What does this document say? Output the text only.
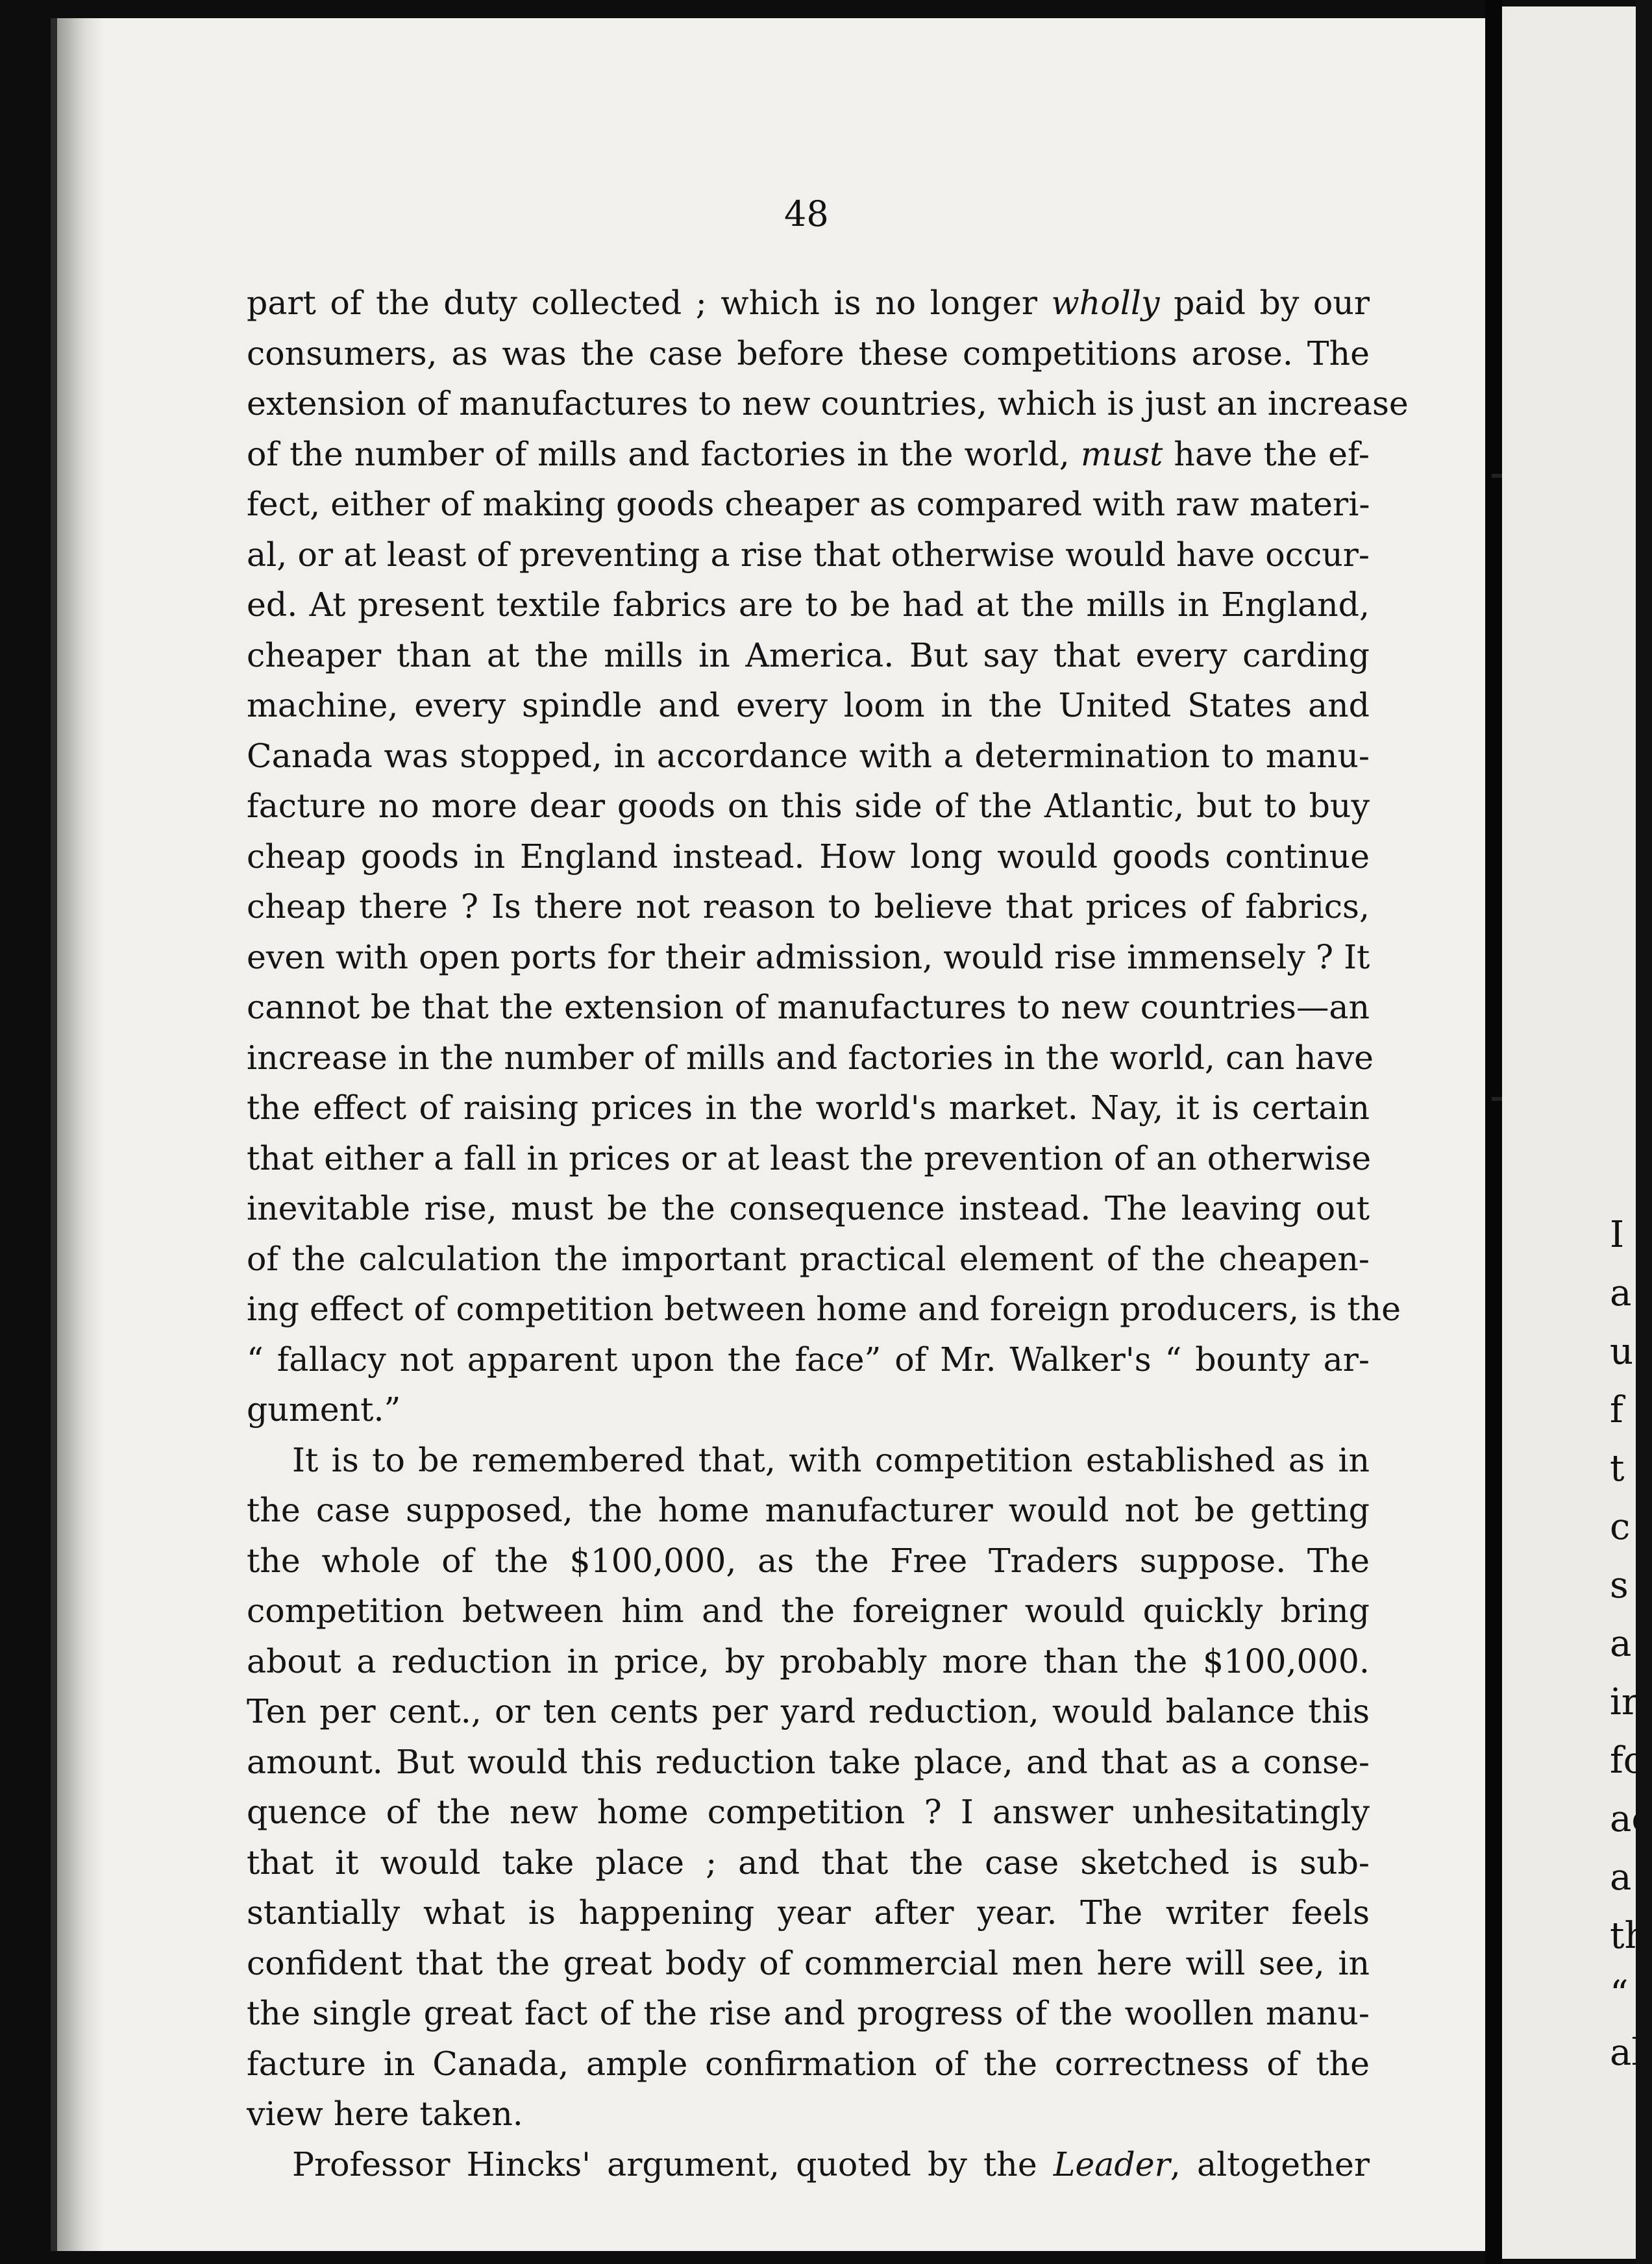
48

part of the duty collected ; which is no longer wholly paid by our
consumers, as was the case before these competitions arose. The
extension of manufactures to new countries, which is just an increase
of the number of mills and factories in the world, must have the ef-
fect, either of making goods cheaper as compared with raw materi-
al, or at least of preventing a rise that otherwise would have occur-
ed. At present textile fabrics are to be had at the mills in England,
cheaper than at the mills in America. But say that every carding
machine, every spindle and every loom in the United States and
Canada was stopped, in accordance with a determination to manu-
facture no more dear goods on this side of the Atlantic, but to buy
cheap goods in England instead. How long would goods continue
cheap there ? Is there not reason to believe that prices of fabrics,
even with open ports for their admission, would rise immensely ? It
cannot be that the extension of manufactures to new countries—an
increase in the number of mills and factories in the world, can have
the effect of raising prices in the world's market. Nay, it is certain
that either a fall in prices or at least the prevention of an otherwise
inevitable rise, must be the consequence instead. The leaving out
of the calculation the important practical element of the cheapen-
ing effect of competition between home and foreign producers, is the
“ fallacy not apparent upon the face” of Mr. Walker's “ bounty ar-
gument.”

It is to be remembered that, with competition established as in
the case supposed, the home manufacturer would not be getting
the whole of the $100,000, as the Free Traders suppose. The
competition between him and the foreigner would quickly bring
about a reduction in price, by probably more than the $100,000.
Ten per cent., or ten cents per yard reduction, would balance this
amount. But would this reduction take place, and that as a conse-
quence of the new home competition ? I answer unhesitatingly
that it would take place ; and that the case sketched is sub-
stantially what is happening year after year. The writer feels
confident that the great body of commercial men here will see, in
the single great fact of the rise and progress of the woollen manu-
facture in Canada, ample confirmation of the correctness of the
view here taken.

Professor Hincks' argument, quoted by the Leader, altogether

I
a
u
f
t
c
s
a
ir
fo
ac
a
th
“
al
